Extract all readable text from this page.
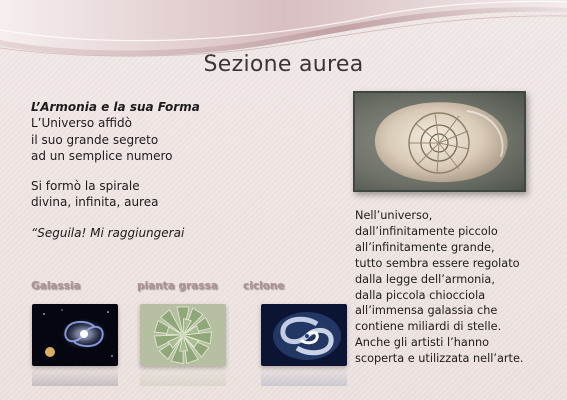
Sezione aurea
L’Armonia e la sua Forma
L’Universo affidò
il suo grande segreto
ad un semplice numero
Si formò la spirale
divina, infinita, aurea
“Seguila! Mi raggiungerai
Nell’universo,
dall’infinitamente piccolo
all’infinitamente grande,
tutto sembra essere regolato
dalla legge dell’armonia,
dalla piccola chiocciola
all’immensa galassia che
contiene miliardi di stelle.
Anche gli artisti l’hanno
scoperta e utilizzata nell’arte.
Galassia	pianta grassa ciclone
